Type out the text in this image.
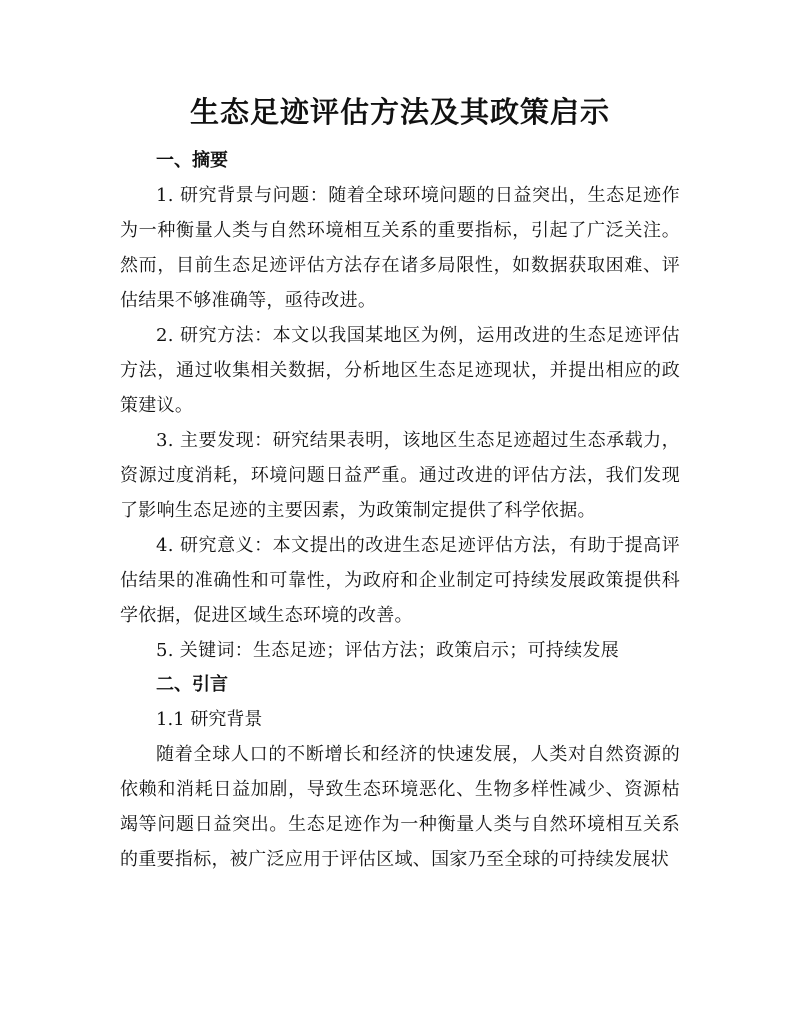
生态足迹评估方法及其政策启示
一、摘要

1. 研究背景与问题：随着全球环境问题的日益突出，生态足迹作为一种衡量人类与自然环境相互关系的重要指标，引起了广泛关注。然而，目前生态足迹评估方法存在诸多局限性，如数据获取困难、评估结果不够准确等，亟待改进。

2. 研究方法：本文以我国某地区为例，运用改进的生态足迹评估方法，通过收集相关数据，分析地区生态足迹现状，并提出相应的政策建议。

3. 主要发现：研究结果表明，该地区生态足迹超过生态承载力，资源过度消耗，环境问题日益严重。通过改进的评估方法，我们发现了影响生态足迹的主要因素，为政策制定提供了科学依据。

4. 研究意义：本文提出的改进生态足迹评估方法，有助于提高评估结果的准确性和可靠性，为政府和企业制定可持续发展政策提供科学依据，促进区域生态环境的改善。

5. 关键词：生态足迹；评估方法；政策启示；可持续发展

二、引言

1.1 研究背景

随着全球人口的不断增长和经济的快速发展，人类对自然资源的依赖和消耗日益加剧，导致生态环境恶化、生物多样性减少、资源枯竭等问题日益突出。生态足迹作为一种衡量人类与自然环境相互关系的重要指标，被广泛应用于评估区域、国家乃至全球的可持续发展状
